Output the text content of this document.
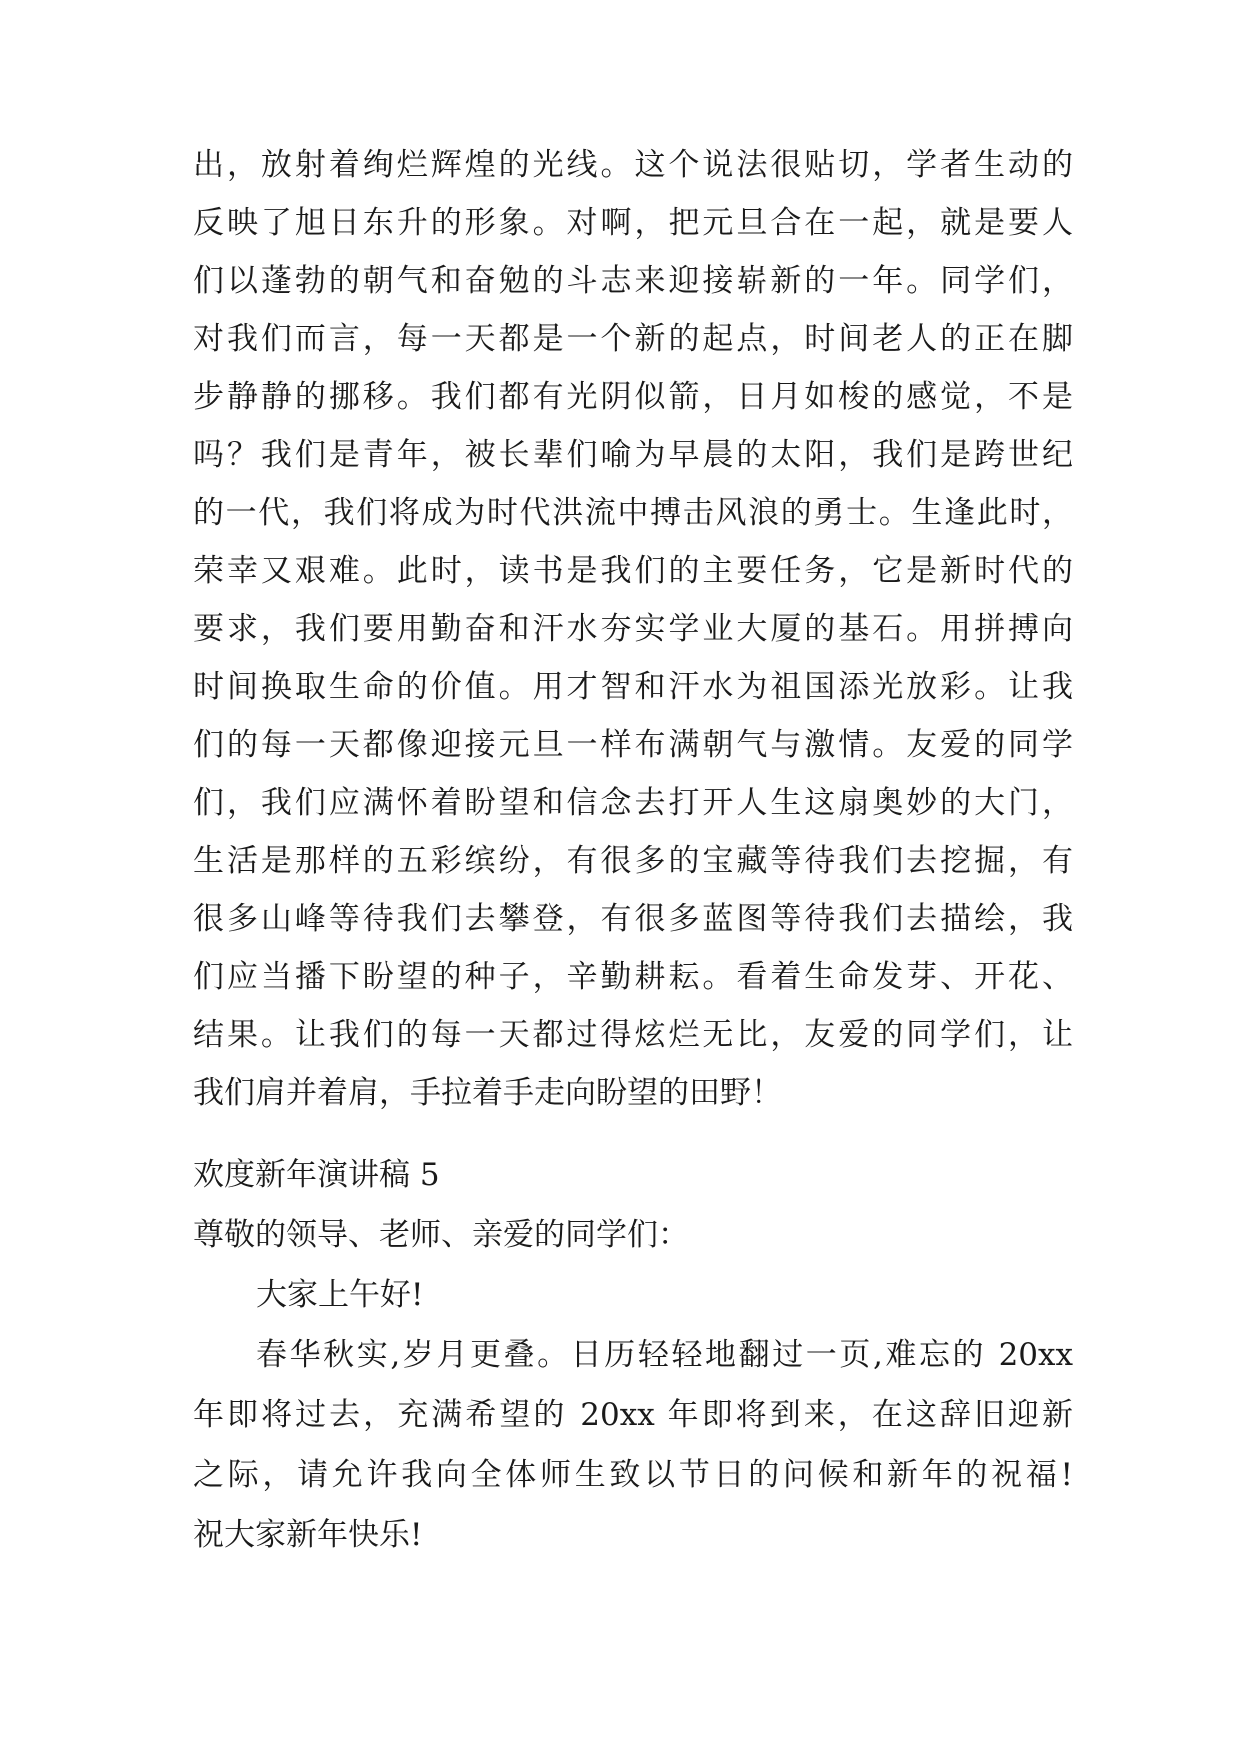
出，放射着绚烂辉煌的光线。这个说法很贴切，学者生动的
反映了旭日东升的形象。对啊，把元旦合在一起，就是要人
们以蓬勃的朝气和奋勉的斗志来迎接崭新的一年。同学们，
对我们而言，每一天都是一个新的起点，时间老人的正在脚
步静静的挪移。我们都有光阴似箭，日月如梭的感觉，不是
吗？我们是青年，被长辈们喻为早晨的太阳，我们是跨世纪
的一代，我们将成为时代洪流中搏击风浪的勇士。生逢此时，
荣幸又艰难。此时，读书是我们的主要任务，它是新时代的
要求，我们要用勤奋和汗水夯实学业大厦的基石。用拼搏向
时间换取生命的价值。用才智和汗水为祖国添光放彩。让我
们的每一天都像迎接元旦一样布满朝气与激情。友爱的同学
们，我们应满怀着盼望和信念去打开人生这扇奥妙的大门，
生活是那样的五彩缤纷，有很多的宝藏等待我们去挖掘，有
很多山峰等待我们去攀登，有很多蓝图等待我们去描绘，我
们应当播下盼望的种子，辛勤耕耘。看着生命发芽、开花、
结果。让我们的每一天都过得炫烂无比，友爱的同学们，让
我们肩并着肩，手拉着手走向盼望的田野！
欢度新年演讲稿 5
尊敬的领导、老师、亲爱的同学们：
大家上午好!
春华秋实,岁月更叠。日历轻轻地翻过一页,难忘的 20xx
年即将过去，充满希望的 20xx 年即将到来，在这辞旧迎新
之际，请允许我向全体师生致以节日的问候和新年的祝福!
祝大家新年快乐!
